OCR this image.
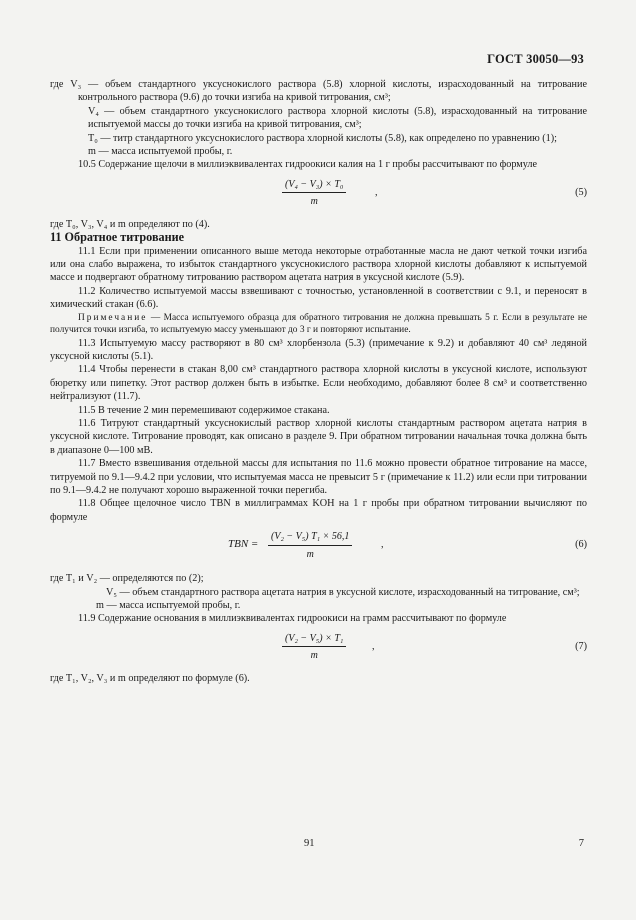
ГОСТ 30050—93

где V₃ — объем стандартного уксуснокислого раствора (5.8) хлорной кислоты, израсходованный на титрование контрольного раствора (9.6) до точки изгиба на кривой титрования, см³;

V₄ — объем стандартного уксуснокислого раствора хлорной кислоты (5.8), израсходованный на титрование испытуемой массы до точки изгиба на кривой титрования, см³;

T₀ — титр стандартного уксуснокислого раствора хлорной кислоты (5.8), как определено по уравнению (1);

m — масса испытуемой пробы, г.

10.5 Содержание щелочи в миллиэквивалентах гидроокиси калия на 1 г пробы рассчитывают по формуле

$\frac{\text{(V₄ − V₃) × T₀}}{m}$	,	(5)

где T₀, V₃, V₄ и m определяют по (4).

11 Обратное титрование

11.1 Если при применении описанного выше метода некоторые отработанные масла не дают четкой точки изгиба или она слабо выражена, то избыток стандартного уксуснокислого раствора хлорной кислоты добавляют к испытуемой массе и подвергают обратному титрованию раствором ацетата натрия в уксусной кислоте (5.9).

11.2 Количество испытуемой массы взвешивают с точностью, установленной в соответствии с 9.1, и переносят в химический стакан (6.6).

Примечание — Масса испытуемого образца для обратного титрования не должна превышать 5 г. Если в результате не получится точки изгиба, то испытуемую массу уменьшают до 3 г и повторяют испытание.

11.3 Испытуемую массу растворяют в 80 см³ хлорбензола (5.3) (примечание к 9.2) и добавляют 40 см³ ледяной уксусной кислоты (5.1).

11.4 Чтобы перенести в стакан 8,00 см³ стандартного раствора хлорной кислоты в уксусной кислоте, используют бюретку или пипетку. Этот раствор должен быть в избытке. Если необходимо, добавляют более 8 см³ и соответственно нейтрализуют (11.7).

11.5 В течение 2 мин перемешивают содержимое стакана.

11.6 Титруют стандартный уксуснокислый раствор хлорной кислоты стандартным раствором ацетата натрия в уксусной кислоте. Титрование проводят, как описано в разделе 9. При обратном титровании начальная точка должна быть в диапазоне 0—100 мВ.

11.7 Вместо взвешивания отдельной массы для испытания по 11.6 можно провести обратное титрование на массе, титруемой по 9.1—9.4.2 при условии, что испытуемая масса не превысит 5 г (примечание к 11.2) или если при титровании по 9.1—9.4.2 не получают хорошо выраженной точки перегиба.

11.8 Общее щелочное число TBN в миллиграммах KOH на 1 г пробы при обратном титровании вычисляют по формуле

TBN = $\frac{\text{(V₂ − V₅) T₁ × 56,1}}{m}$	,	(6)

где T₁ и V₂ — определяются по (2);

V₅ — объем стандартного раствора ацетата натрия в уксусной кислоте, израсходованный на титрование, см³;

m — масса испытуемой пробы, г.

11.9 Содержание основания в миллиэквивалентах гидроокиси на грамм рассчитывают по формуле

$\frac{\text{(V₂ − V₅) × T₁}}{m}$	,	(7)

где T₁, V₂, V₃ и m определяют по формуле (6).

91	7
